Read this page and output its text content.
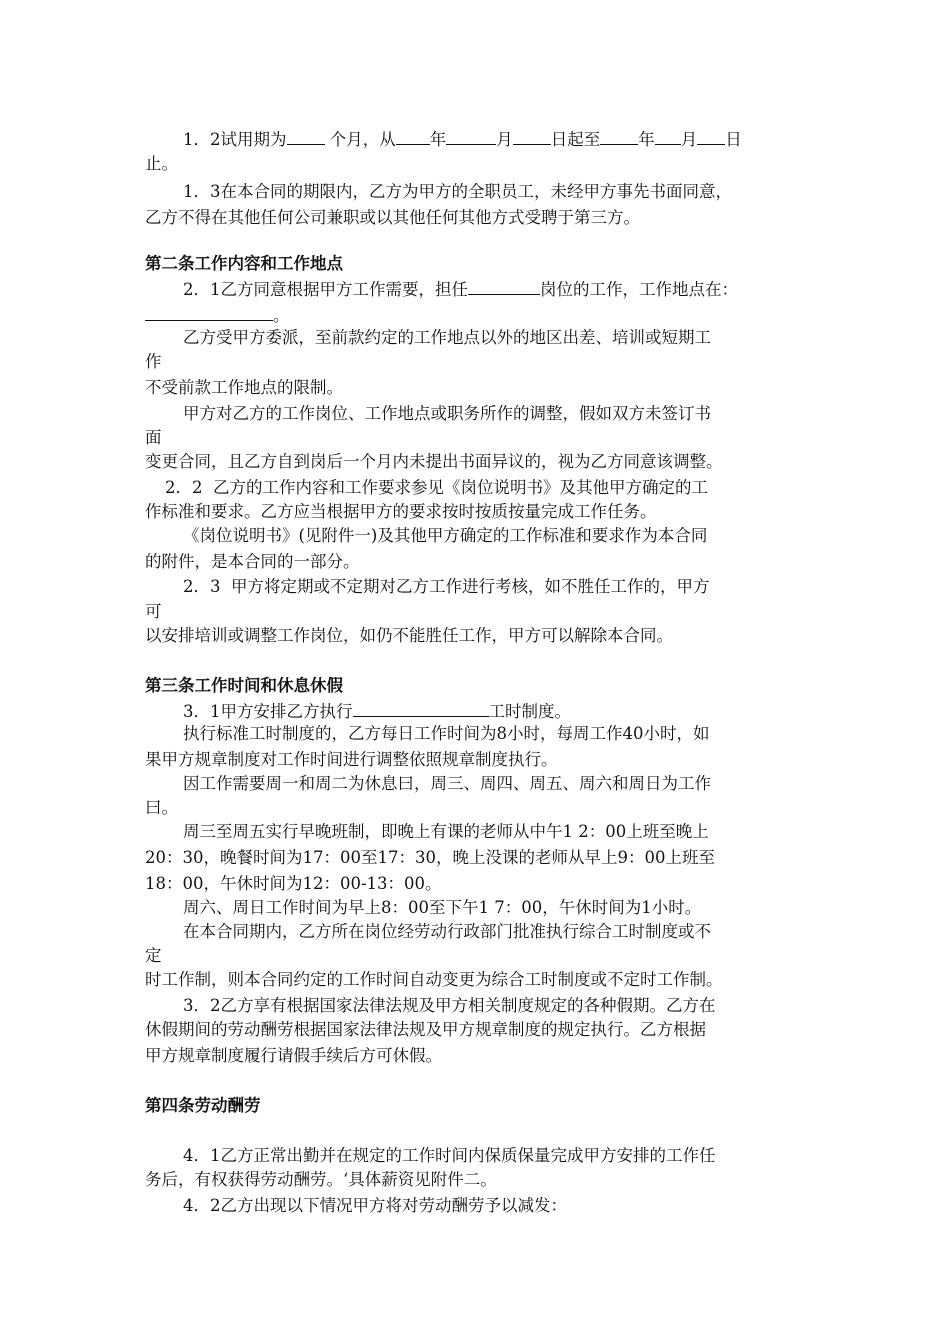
1．2试用期为 个月，从 年	月 日起至 年 月 日
止。
1．3在本合同的期限内，乙方为甲方的全职员工，未经甲方事先书面同意，
乙方不得在其他任何公司兼职或以其他任何其他方式受聘于第三方。
第二条工作内容和工作地点
2．1乙方同意根据甲方工作需要，担任	岗位的工作，工作地点在：
。
乙方受甲方委派，至前款约定的工作地点以外的地区出差、培训或短期工
作
不受前款工作地点的限制。
甲方对乙方的工作岗位、工作地点或职务所作的调整，假如双方未签订书
面
变更合同，且乙方自到岗后一个月内未提出书面异议的，视为乙方同意该调整。
2．2  乙方的工作内容和工作要求参见《岗位说明书》及其他甲方确定的工
作标准和要求。乙方应当根据甲方的要求按时按质按量完成工作任务。
《岗位说明书》(见附件一)及其他甲方确定的工作标准和要求作为本合同
的附件，是本合同的一部分。
2．3  甲方将定期或不定期对乙方工作进行考核，如不胜任工作的，甲方
可
以安排培训或调整工作岗位，如仍不能胜任工作，甲方可以解除本合同。
第三条工作时间和休息休假
3．1甲方安排乙方执行	工时制度。
执行标准工时制度的，乙方每日工作时间为8小时，每周工作40小时，如
果甲方规章制度对工作时间进行调整依照规章制度执行。
因工作需要周一和周二为休息曰，周三、周四、周五、周六和周日为工作
曰。
周三至周五实行早晚班制，即晚上有课的老师从中午1 2：00上班至晚上
20：30，晚餐时间为17：00至17：30，晚上没课的老师从早上9：00上班至
18：00，午休时间为12：00-13：00。
周六、周日工作时间为早上8：00至下午1 7：00，午休时间为1小时。
在本合同期内，乙方所在岗位经劳动行政部门批准执行综合工时制度或不
定
时工作制，则本合同约定的工作时间自动变更为综合工时制度或不定时工作制。
3．2乙方享有根据国家法律法规及甲方相关制度规定的各种假期。乙方在
休假期间的劳动酬劳根据国家法律法规及甲方规章制度的规定执行。乙方根据
甲方规章制度履行请假手续后方可休假。
第四条劳动酬劳
4．1乙方正常出勤并在规定的工作时间内保质保量完成甲方安排的工作任
务后，有权获得劳动酬劳。‘具体薪资见附件二。
4．2乙方出现以下情况甲方将对劳动酬劳予以减发：
